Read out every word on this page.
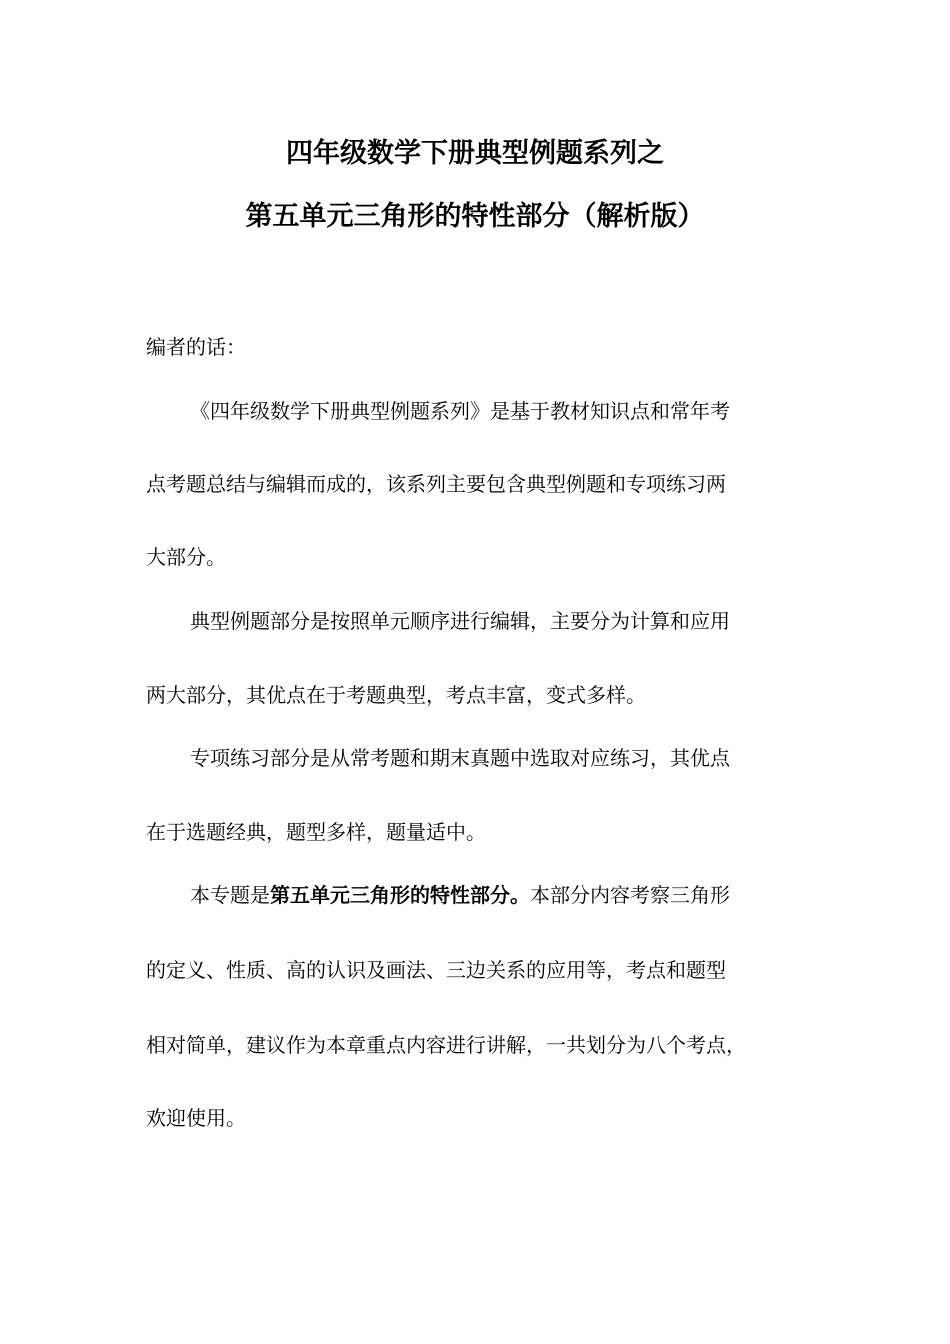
四年级数学下册典型例题系列之
第五单元三角形的特性部分（解析版）
编者的话：
《四年级数学下册典型例题系列》是基于教材知识点和常年考
点考题总结与编辑而成的，该系列主要包含典型例题和专项练习两
大部分。
典型例题部分是按照单元顺序进行编辑，主要分为计算和应用
两大部分，其优点在于考题典型，考点丰富，变式多样。
专项练习部分是从常考题和期末真题中选取对应练习，其优点
在于选题经典，题型多样，题量适中。
本专题是第五单元三角形的特性部分。本部分内容考察三角形
的定义、性质、高的认识及画法、三边关系的应用等，考点和题型
相对简单，建议作为本章重点内容进行讲解，一共划分为八个考点，
欢迎使用。
